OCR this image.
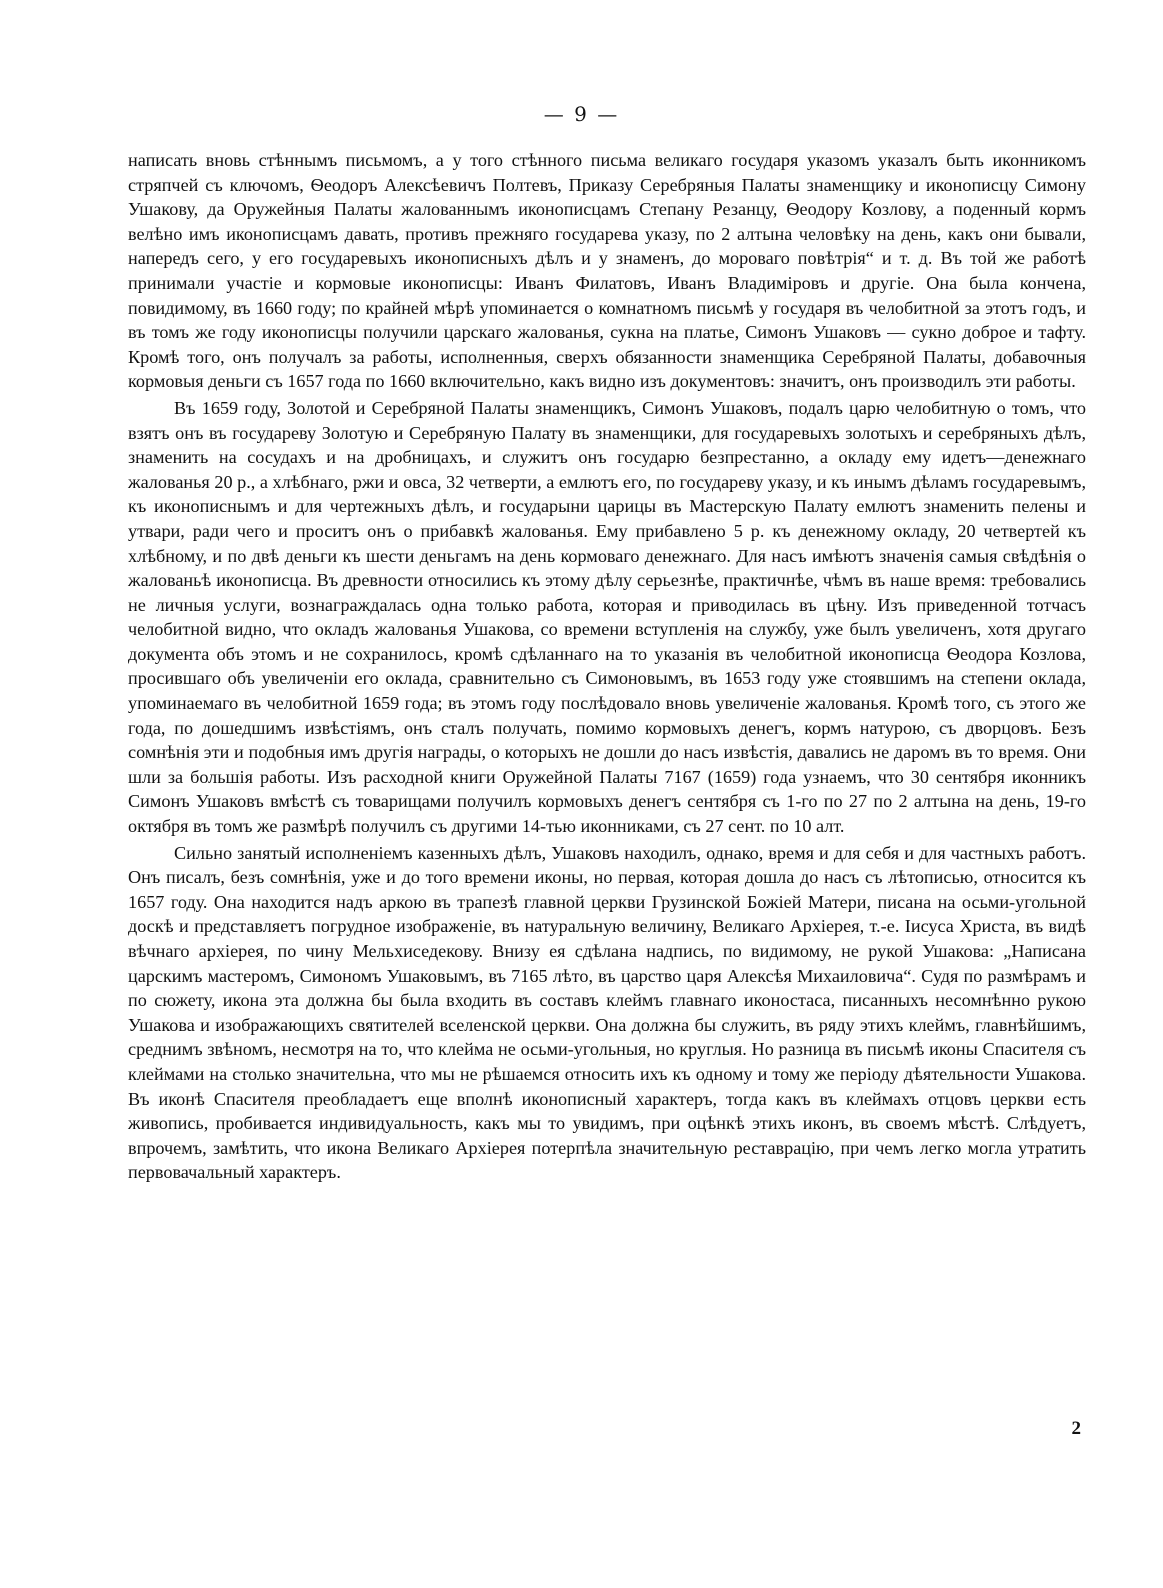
— 9 —

написать вновь стѣннымъ письмомъ, а у того стѣнного письма великаго государя указомъ указалъ быть иконникомъ стряпчей съ ключомъ, Ѳеодоръ Алексѣевичъ Полтевъ, Приказу Серебряныя Палаты знаменщику и иконописцу Симону Ушакову, да Оружейныя Палаты жалованнымъ иконописцамъ Степану Резанцу, Ѳеодору Козлову, а поденный кормъ велѣно имъ иконописцамъ давать, противъ прежняго государева указу, по 2 алтына человѣку на день, какъ они бывали, напередъ сего, у его государевыхъ иконописныхъ дѣлъ и у знаменъ, до мороваго повѣтрія“ и т. д. Въ той же работѣ принимали участіе и кормовые иконописцы: Иванъ Филатовъ, Иванъ Владиміровъ и другіе. Она была кончена, повидимому, въ 1660 году; по крайней мѣрѣ упоминается о комнатномъ письмѣ у государя въ челобитной за этотъ годъ, и въ томъ же году иконописцы получили царскаго жалованья, сукна на платье, Симонъ Ушаковъ — сукно доброе и тафту. Кромѣ того, онъ получалъ за работы, исполненныя, сверхъ обязанности знаменщика Серебряной Палаты, добавочныя кормовыя деньги съ 1657 года по 1660 включительно, какъ видно изъ документовъ: значитъ, онъ производилъ эти работы.

Въ 1659 году, Золотой и Серебряной Палаты знаменщикъ, Симонъ Ушаковъ, подалъ царю челобитную о томъ, что взятъ онъ въ государеву Золотую и Серебряную Палату въ знаменщики, для государевыхъ золотыхъ и серебряныхъ дѣлъ, знаменить на сосудахъ и на дробницахъ, и служитъ онъ государю безпрестанно, а окладу ему идетъ—денежнаго жалованья 20 р., а хлѣбнаго, ржи и овса, 32 четверти, а емлютъ его, по государеву указу, и къ инымъ дѣламъ государевымъ, къ иконописнымъ и для чертежныхъ дѣлъ, и государыни царицы въ Мастерскую Палату емлютъ знаменить пелены и утвари, ради чего и проситъ онъ о прибавкѣ жалованья. Ему прибавлено 5 р. къ денежному окладу, 20 четвертей къ хлѣбному, и по двѣ деньги къ шести деньгамъ на день кормоваго денежнаго. Для насъ имѣютъ значенія самыя свѣдѣнія о жалованьѣ иконописца. Въ древности относились къ этому дѣлу серьезнѣе, практичнѣе, чѣмъ въ наше время: требовались не личныя услуги, вознаграждалась одна только работа, которая и приводилась въ цѣну. Изъ приведенной тотчасъ челобитной видно, что окладъ жалованья Ушакова, со времени вступленія на службу, уже былъ увеличенъ, хотя другаго документа объ этомъ и не сохранилось, кромѣ сдѣланнаго на то указанія въ челобитной иконописца Ѳеодора Козлова, просившаго объ увеличеніи его оклада, сравнительно съ Симоновымъ, въ 1653 году уже стоявшимъ на степени оклада, упоминаемаго въ челобитной 1659 года; въ этомъ году послѣдовало вновь увеличеніе жалованья. Кромѣ того, съ этого же года, по дошедшимъ извѣстіямъ, онъ сталъ получать, помимо кормовыхъ денегъ, кормъ натурою, съ дворцовъ. Безъ сомнѣнія эти и подобныя имъ другія награды, о которыхъ не дошли до насъ извѣстія, давались не даромъ въ то время. Они шли за большія работы. Изъ расходной книги Оружейной Палаты 7167 (1659) года узнаемъ, что 30 сентября иконникъ Симонъ Ушаковъ вмѣстѣ съ товарищами получилъ кормовыхъ денегъ сентября съ 1-го по 27 по 2 алтына на день, 19-го октября въ томъ же размѣрѣ получилъ съ другими 14-тью иконниками, съ 27 сент. по 10 алт.

Сильно занятый исполненіемъ казенныхъ дѣлъ, Ушаковъ находилъ, однако, время и для себя и для частныхъ работъ. Онъ писалъ, безъ сомнѣнія, уже и до того времени иконы, но первая, которая дошла до насъ съ лѣтописью, относится къ 1657 году. Она находится надъ аркою въ трапезѣ главной церкви Грузинской Божіей Матери, писана на осьми-угольной доскѣ и представляетъ погрудное изображеніе, въ натуральную величину, Великаго Архіерея, т.-е. Іисуса Христа, въ видѣ вѣчнаго архіерея, по чину Мельхиседекову. Внизу ея сдѣлана надпись, по видимому, не рукой Ушакова: „Написана царскимъ мастеромъ, Симономъ Ушаковымъ, въ 7165 лѣто, въ царство царя Алексѣя Михаиловича“. Судя по размѣрамъ и по сюжету, икона эта должна бы была входить въ составъ клеймъ главнаго иконостаса, писанныхъ несомнѣнно рукою Ушакова и изображающихъ святителей вселенской церкви. Она должна бы служить, въ ряду этихъ клеймъ, главнѣйшимъ, среднимъ звѣномъ, несмотря на то, что клейма не осьми-угольныя, но круглыя. Но разница въ письмѣ иконы Спасителя съ клеймами на столько значительна, что мы не рѣшаемся относить ихъ къ одному и тому же періоду дѣятельности Ушакова. Въ иконѣ Спасителя преобладаетъ еще вполнѣ иконописный характеръ, тогда какъ въ клеймахъ отцовъ церкви есть живопись, пробивается индивидуальность, какъ мы то увидимъ, при оцѣнкѣ этихъ иконъ, въ своемъ мѣстѣ. Слѣдуетъ, впрочемъ, замѣтить, что икона Великаго Архіерея потерпѣла значительную реставрацію, при чемъ легко могла утратить первовачальный характеръ.

2
